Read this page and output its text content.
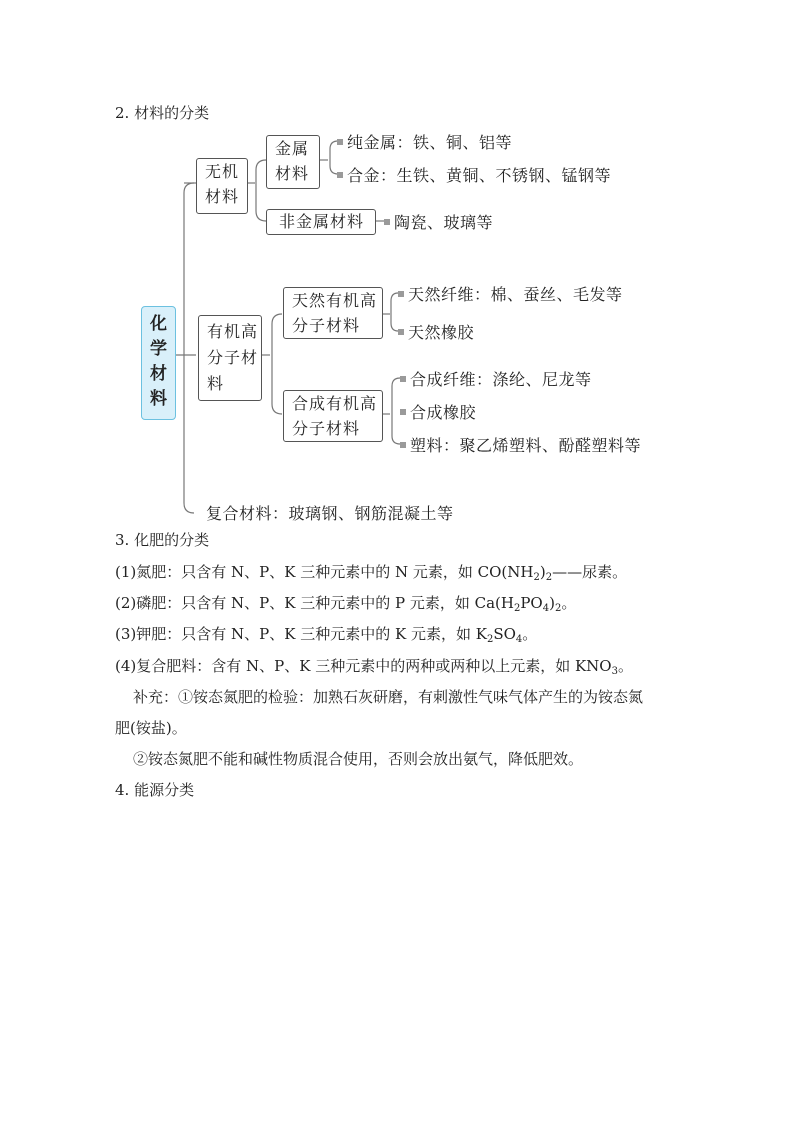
2. 材料的分类
化
学
材
料
无机
材料
金属
材料
纯金属：铁、铜、铝等
合金：生铁、黄铜、不锈钢、锰钢等
非金属材料	陶瓷、玻璃等
有机高
分子材
料
天然有机高
分子材料
天然纤维：棉、蚕丝、毛发等
天然橡胶
合成有机高
分子材料
合成纤维：涤纶、尼龙等
合成橡胶
塑料：聚乙烯塑料、酚醛塑料等
复合材料：玻璃钢、钢筋混凝土等
3. 化肥的分类
(1)氮肥：只含有 N、P、K 三种元素中的 N 元素，如 $CO(NH_2)_2——$尿素。
(2)磷肥：只含有 N、P、K 三种元素中的 P 元素，如 $Ca(H_2PO_4)_2$。
(3)钾肥：只含有 N、P、K 三种元素中的 K 元素，如 $K_2SO_4$。
(4)复合肥料：含有 N、P、K 三种元素中的两种或两种以上元素，如 $KNO_3$。
补充：①铵态氮肥的检验：加熟石灰研磨，有刺激性气味气体产生的为铵态氮
肥(铵盐)。
②铵态氮肥不能和碱性物质混合使用，否则会放出氨气，降低肥效。
4. 能源分类
